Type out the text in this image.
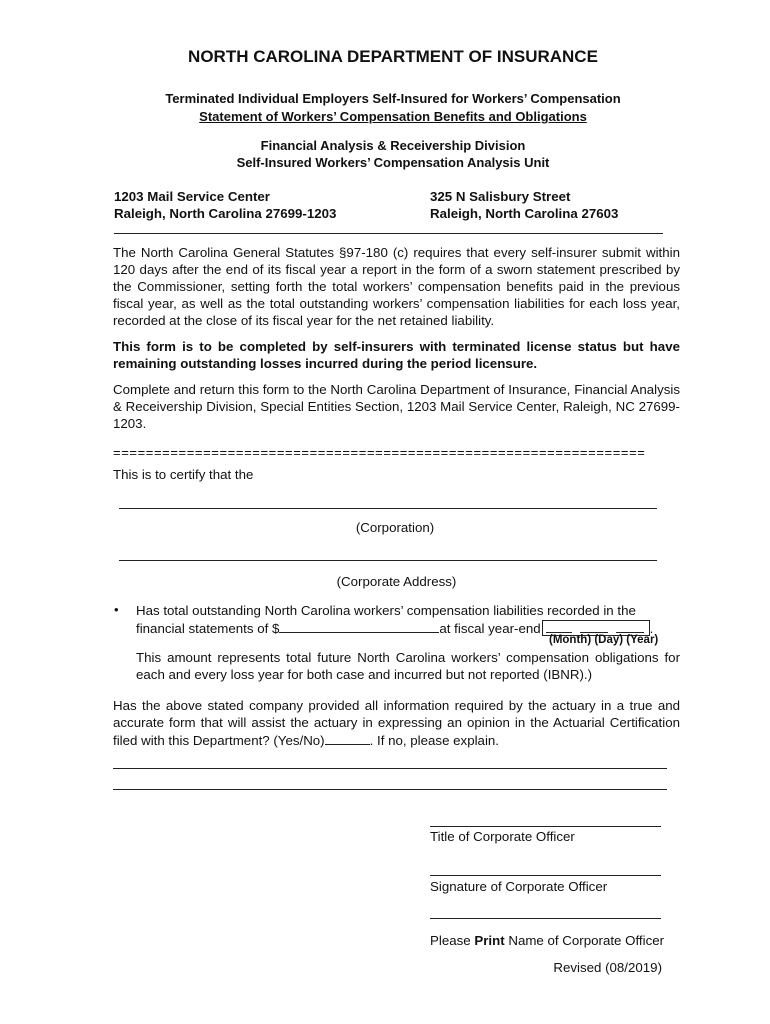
NORTH CAROLINA DEPARTMENT OF INSURANCE
Terminated Individual Employers Self-Insured for Workers’ Compensation
Statement of Workers’ Compensation Benefits and Obligations
Financial Analysis & Receivership Division
Self-Insured Workers’ Compensation Analysis Unit
1203 Mail Service Center
Raleigh, North Carolina 27699-1203
325 N Salisbury Street
Raleigh, North Carolina 27603
The North Carolina General Statutes §97-180 (c) requires that every self-insurer submit within 120 days after the end of its fiscal year a report in the form of a sworn statement prescribed by the Commissioner, setting forth the total workers’ compensation benefits paid in the previous fiscal year, as well as the total outstanding workers’ compensation liabilities for each loss year, recorded at the close of its fiscal year for the net retained liability.
This form is to be completed by self-insurers with terminated license status but have remaining outstanding losses incurred during the period licensure.
Complete and return this form to the North Carolina Department of Insurance, Financial Analysis & Receivership Division, Special Entities Section, 1203 Mail Service Center, Raleigh, NC 27699-1203.
=================================================================
This is to certify that the
(Corporation)
(Corporate Address)
• Has total outstanding North Carolina workers’ compensation liabilities recorded in the
financial statements of $	at fiscal year-end	.
(Month) (Day) (Year)
This amount represents total future North Carolina workers’ compensation obligations for each and every loss year for both case and incurred but not reported (IBNR).)
Has the above stated company provided all information required by the actuary in a true and accurate form that will assist the actuary in expressing an opinion in the Actuarial Certification filed with this Department? (Yes/No)	. If no, please explain.
Title of Corporate Officer
Signature of Corporate Officer
Please Print Name of Corporate Officer
Revised (08/2019)
